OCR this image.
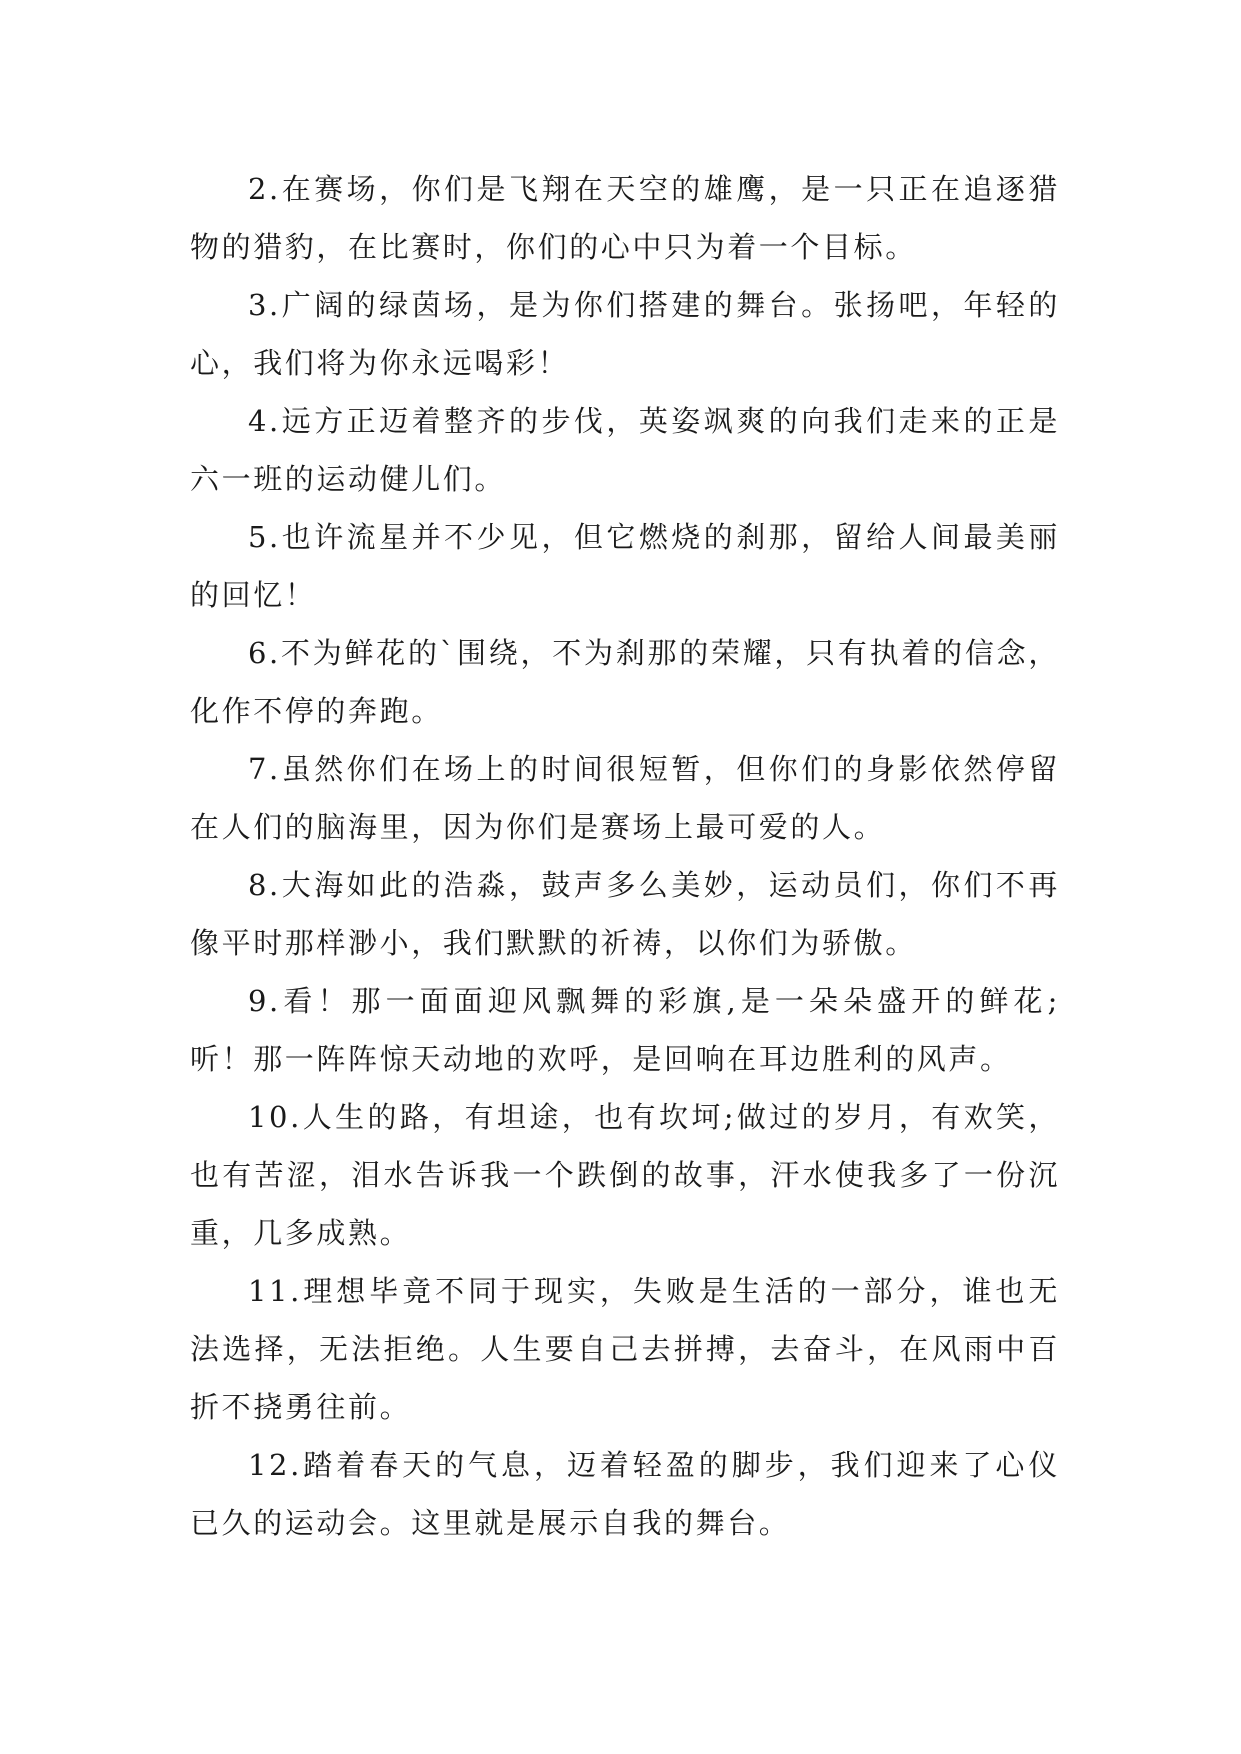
2.在赛场，你们是飞翔在天空的雄鹰，是一只正在追逐猎物的猎豹，在比赛时，你们的心中只为着一个目标。

3.广阔的绿茵场，是为你们搭建的舞台。张扬吧，年轻的心，我们将为你永远喝彩！

4.远方正迈着整齐的步伐，英姿飒爽的向我们走来的正是六一班的运动健儿们。

5.也许流星并不少见，但它燃烧的刹那，留给人间最美丽的回忆！

6.不为鲜花的`围绕，不为刹那的荣耀，只有执着的信念，化作不停的奔跑。

7.虽然你们在场上的时间很短暂，但你们的身影依然停留在人们的脑海里，因为你们是赛场上最可爱的人。

8.大海如此的浩淼，鼓声多么美妙，运动员们，你们不再像平时那样渺小，我们默默的祈祷，以你们为骄傲。

9.看！那一面面迎风飘舞的彩旗,是一朵朵盛开的鲜花;听！那一阵阵惊天动地的欢呼，是回响在耳边胜利的风声。

10.人生的路，有坦途，也有坎坷;做过的岁月，有欢笑，也有苦涩，泪水告诉我一个跌倒的故事，汗水使我多了一份沉重，几多成熟。

11.理想毕竟不同于现实，失败是生活的一部分，谁也无法选择，无法拒绝。人生要自己去拼搏，去奋斗，在风雨中百折不挠勇往前。

12.踏着春天的气息，迈着轻盈的脚步，我们迎来了心仪已久的运动会。这里就是展示自我的舞台。
